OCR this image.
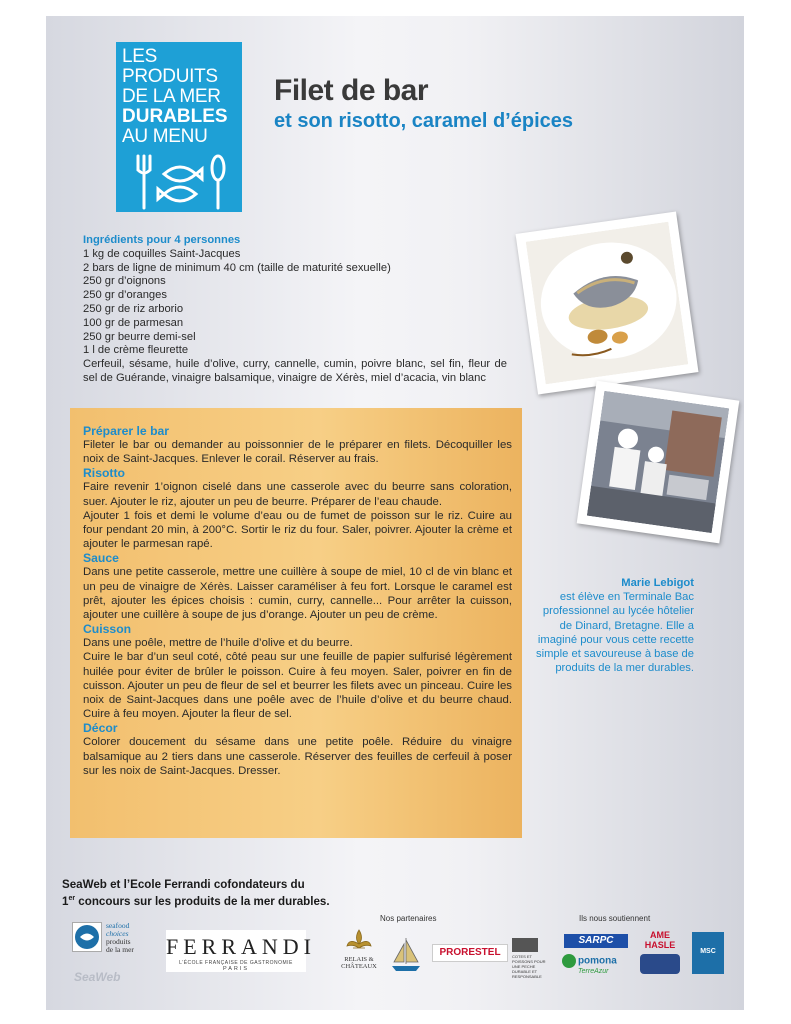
LES PRODUITS
DE LA MER
DURABLES
AU MENU
Filet de bar
et son risotto, caramel d’épices
Ingrédients pour 4 personnes
1 kg de coquilles Saint-Jacques
2 bars de ligne de minimum 40 cm (taille de maturité sexuelle)
250 gr d’oignons
250 gr d’oranges
250 gr de riz arborio
100 gr de parmesan
250 gr beurre demi-sel
1 l de crème fleurette
Cerfeuil, sésame, huile d’olive, curry, cannelle, cumin, poivre blanc, sel fin, fleur de sel de Guérande, vinaigre balsamique, vinaigre de Xérès, miel d’acacia, vin blanc
Préparer le bar
Fileter le bar ou demander au poissonnier de le préparer en filets. Décoquiller les noix de Saint-Jacques. Enlever le corail. Réserver au frais.
Risotto
Faire revenir 1’oignon ciselé dans une casserole avec du beurre sans coloration, suer. Ajouter le riz, ajouter un peu de beurre. Préparer de l’eau chaude.
Ajouter 1 fois et demi le volume d’eau ou de fumet de poisson sur le riz. Cuire au four pendant 20 min, à 200°C. Sortir le riz du four. Saler, poivrer. Ajouter la crème et ajouter le parmesan rapé.
Sauce
Dans une petite casserole, mettre une cuillère à soupe de miel, 10 cl de vin blanc et un peu de vinaigre de Xérès. Laisser caraméliser à feu fort. Lorsque le caramel est prêt, ajouter les épices choisis : cumin, curry, cannelle... Pour arrêter la cuisson, ajouter une cuillère à soupe de jus d’orange. Ajouter un peu de crème.
Cuisson
Dans une poêle, mettre de l’huile d’olive et du beurre.
Cuire le bar d’un seul coté, côté peau sur une feuille de papier sulfurisé légèrement huilée pour éviter de brûler le poisson. Cuire à feu moyen. Saler, poivrer en fin de cuisson. Ajouter un peu de fleur de sel et beurrer les filets avec un pinceau. Cuire les noix de Saint-Jacques dans une poêle avec de l’huile d’olive et du beurre chaud. Cuire à feu moyen. Ajouter la fleur de sel.
Décor
Colorer doucement du sésame dans une petite poêle. Réduire du vinaigre balsamique au 2 tiers dans une casserole. Réserver des feuilles de cerfeuil à poser sur les noix de Saint-Jacques. Dresser.
Marie Lebigot
est élève en Terminale Bac professionnel au lycée hôtelier de Dinard, Bretagne. Elle a imaginé pour vous cette recette simple et savoureuse à base de produits de la mer durables.
SeaWeb et l’Ecole Ferrandi cofondateurs du
1er concours sur les produits de la mer durables.
Nos partenaires	Ils nous soutiennent
seafood
choices
produits
de la mer
SeaWeb
FERRANDI
L’ÉCOLE FRANÇAISE DE GASTRONOMIE
PARIS
RELAIS &
CHÂTEAUX
PRORESTEL	COTES ET POISSONS POUR UNE PECHE DURABLE ET RESPONSABLE
SARPC
pomona
TerreAzur
AME HASLE
MSC
